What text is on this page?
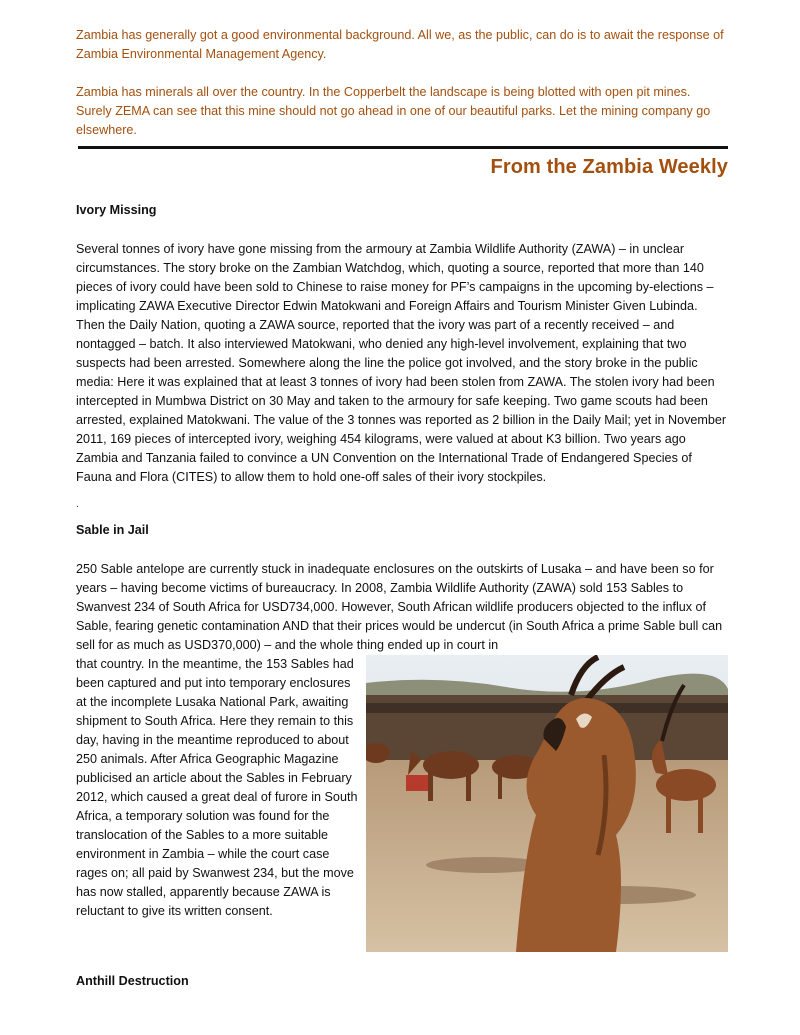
Zambia has generally got a good environmental background. All we, as the public, can do is to await the response of Zambia Environmental Management Agency.

Zambia has minerals all over the country. In the Copperbelt the landscape is being blotted with open pit mines. Surely ZEMA can see that this mine should not go ahead in one of our beautiful parks. Let the mining company go elsewhere.

From the Zambia Weekly
Ivory Missing

Several tonnes of ivory have gone missing from the armoury at Zambia Wildlife Authority (ZAWA) – in unclear circumstances. The story broke on the Zambian Watchdog, which, quoting a source, reported that more than 140 pieces of ivory could have been sold to Chinese to raise money for PF’s campaigns in the upcoming by-elections – implicating ZAWA Executive Director Edwin Matokwani and Foreign Affairs and Tourism Minister Given Lubinda. Then the Daily Nation, quoting a ZAWA source, reported that the ivory was part of a recently received – and nontagged – batch. It also interviewed Matokwani, who denied any high-level involvement, explaining that two suspects had been arrested. Somewhere along the line the police got involved, and the story broke in the public media: Here it was explained that at least 3 tonnes of ivory had been stolen from ZAWA. The stolen ivory had been intercepted in Mumbwa District on 30 May and taken to the armoury for safe keeping. Two game scouts had been arrested, explained Matokwani. The value of the 3 tonnes was reported as 2 billion in the Daily Mail; yet in November 2011, 169 pieces of intercepted ivory, weighing 454 kilograms, were valued at about K3 billion. Two years ago Zambia and Tanzania failed to convince a UN Convention on the International Trade of Endangered Species of Fauna and Flora (CITES) to allow them to hold one-off sales of their ivory stockpiles.

.
Sable in Jail

250 Sable antelope are currently stuck in inadequate enclosures on the outskirts of Lusaka – and have been so for years – having become victims of bureaucracy. In 2008, Zambia Wildlife Authority (ZAWA) sold 153 Sables to Swanvest 234 of South Africa for USD734,000. However, South African wildlife producers objected to the influx of Sable, fearing genetic contamination AND that their prices would be undercut (in South Africa a prime Sable bull can sell for as much as USD370,000) – and the whole thing ended up in court in

that country. In the meantime, the 153 Sables had been captured and put into temporary enclosures at the incomplete Lusaka National Park, awaiting shipment to South Africa. Here they remain to this day, having in the meantime reproduced to about 250 animals. After Africa Geographic Magazine publicised an article about the Sables in February 2012, which caused a great deal of furore in South Africa, a temporary solution was found for the translocation of the Sables to a more suitable environment in Zambia – while the court case rages on; all paid by Swanwest 234, but the move has now stalled, apparently because ZAWA is reluctant to give its written consent.

Anthill Destruction
